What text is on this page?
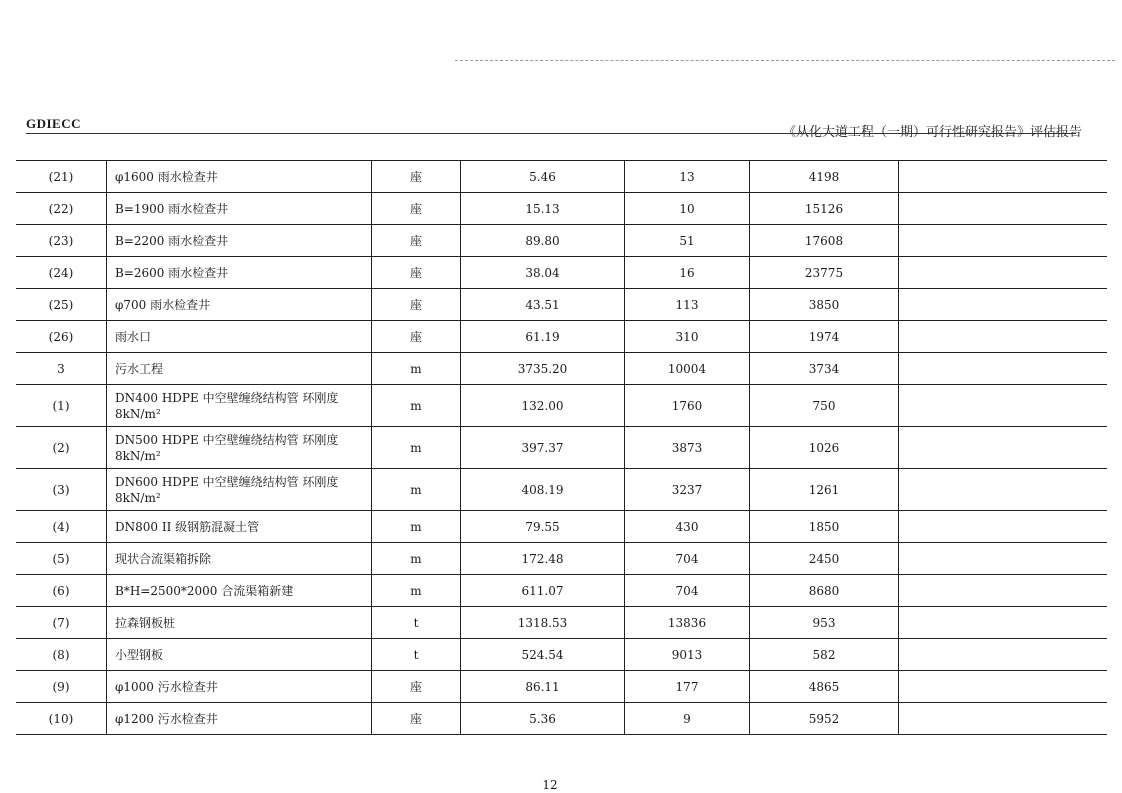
GDIECC
《从化大道工程（一期）可行性研究报告》评估报告
(21)	φ1600 雨水检查井	座	5.46	13	4198	
(22)	B=1900 雨水检查井	座	15.13	10	15126	
(23)	B=2200 雨水检查井	座	89.80	51	17608	
(24)	B=2600 雨水检查井	座	38.04	16	23775	
(25)	φ700 雨水检查井	座	43.51	113	3850	
(26)	雨水口	座	61.19	310	1974	
3	污水工程	m	3735.20	10004	3734	
(1)	DN400 HDPE 中空壁缠绕结构管 环刚度 8kN/m²	m	132.00	1760	750	
(2)	DN500 HDPE 中空壁缠绕结构管 环刚度 8kN/m²	m	397.37	3873	1026	
(3)	DN600 HDPE 中空壁缠绕结构管 环刚度 8kN/m²	m	408.19	3237	1261	
(4)	DN800 II 级钢筋混凝土管	m	79.55	430	1850	
(5)	现状合流渠箱拆除	m	172.48	704	2450	
(6)	B*H=2500*2000 合流渠箱新建	m	611.07	704	8680	
(7)	拉森钢板桩	t	1318.53	13836	953	
(8)	小型钢板	t	524.54	9013	582	
(9)	φ1000 污水检查井	座	86.11	177	4865	
(10)	φ1200 污水检查井	座	5.36	9	5952	
12
